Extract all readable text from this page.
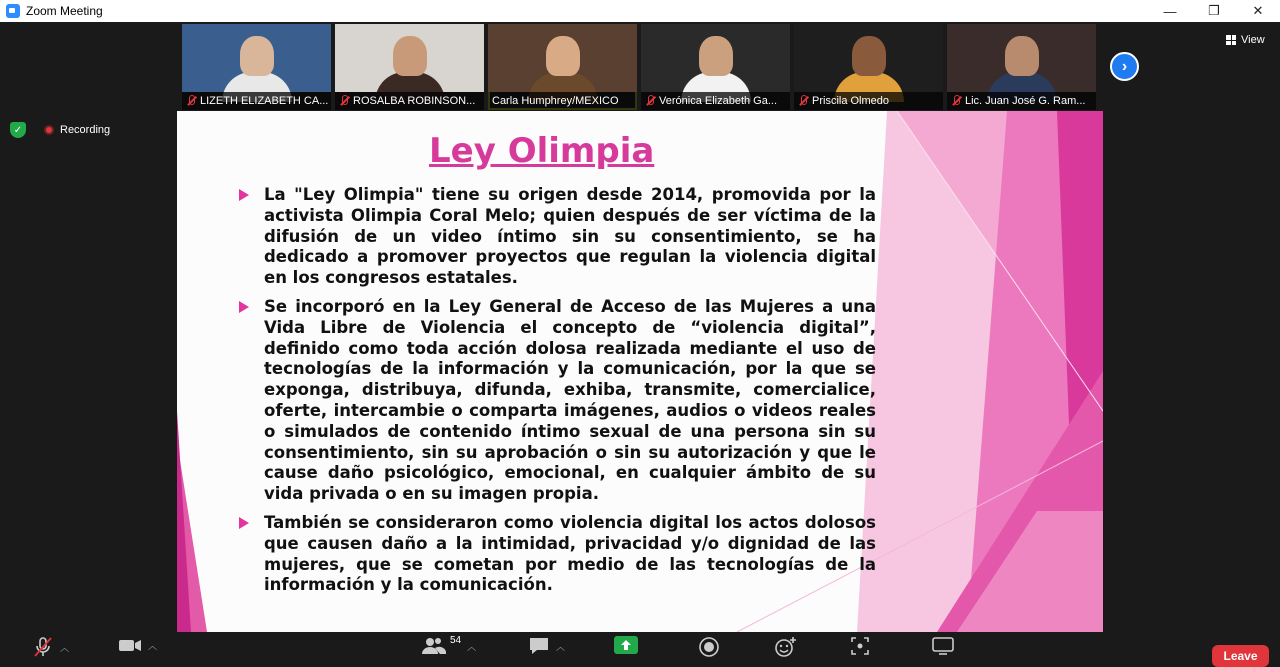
Zoom Meeting	—	❐	✕
LIZETH ELIZABETH CA... ROSALBA ROBINSON... Carla Humphrey/MEXICO	Verónica Elizabeth Ga...	Priscila Olmedo	Lic. Juan José G. Ram...
›
View
✓	Recording
Ley Olimpia
La "Ley Olimpia" tiene su origen desde 2014, promovida por la activista Olimpia Coral Melo; quien después de ser víctima de la difusión de un video íntimo sin su consentimiento, se ha dedicado a promover proyectos que regulan la violencia digital en los congresos estatales.
Se incorporó en la Ley General de Acceso de las Mujeres a una Vida Libre de Violencia el concepto de “violencia digital”, definido como toda acción dolosa realizada mediante el uso de tecnologías de la información y la comunicación, por la que se exponga, distribuya, difunda, exhiba, transmite, comercialice, oferte, intercambie o comparta imágenes, audios o videos reales o simulados de contenido íntimo sexual de una persona sin su consentimiento, sin su aprobación o sin su autorización y que le cause daño psicológico, emocional, en cualquier ámbito de su vida privada o en su imagen propia.
También se consideraron como violencia digital los actos dolosos que causen daño a la intimidad, privacidad y/o dignidad de las mujeres, que se cometan por medio de las tecnologías de la información y la comunicación.
︿	︿	54
︿	︿
Leave
